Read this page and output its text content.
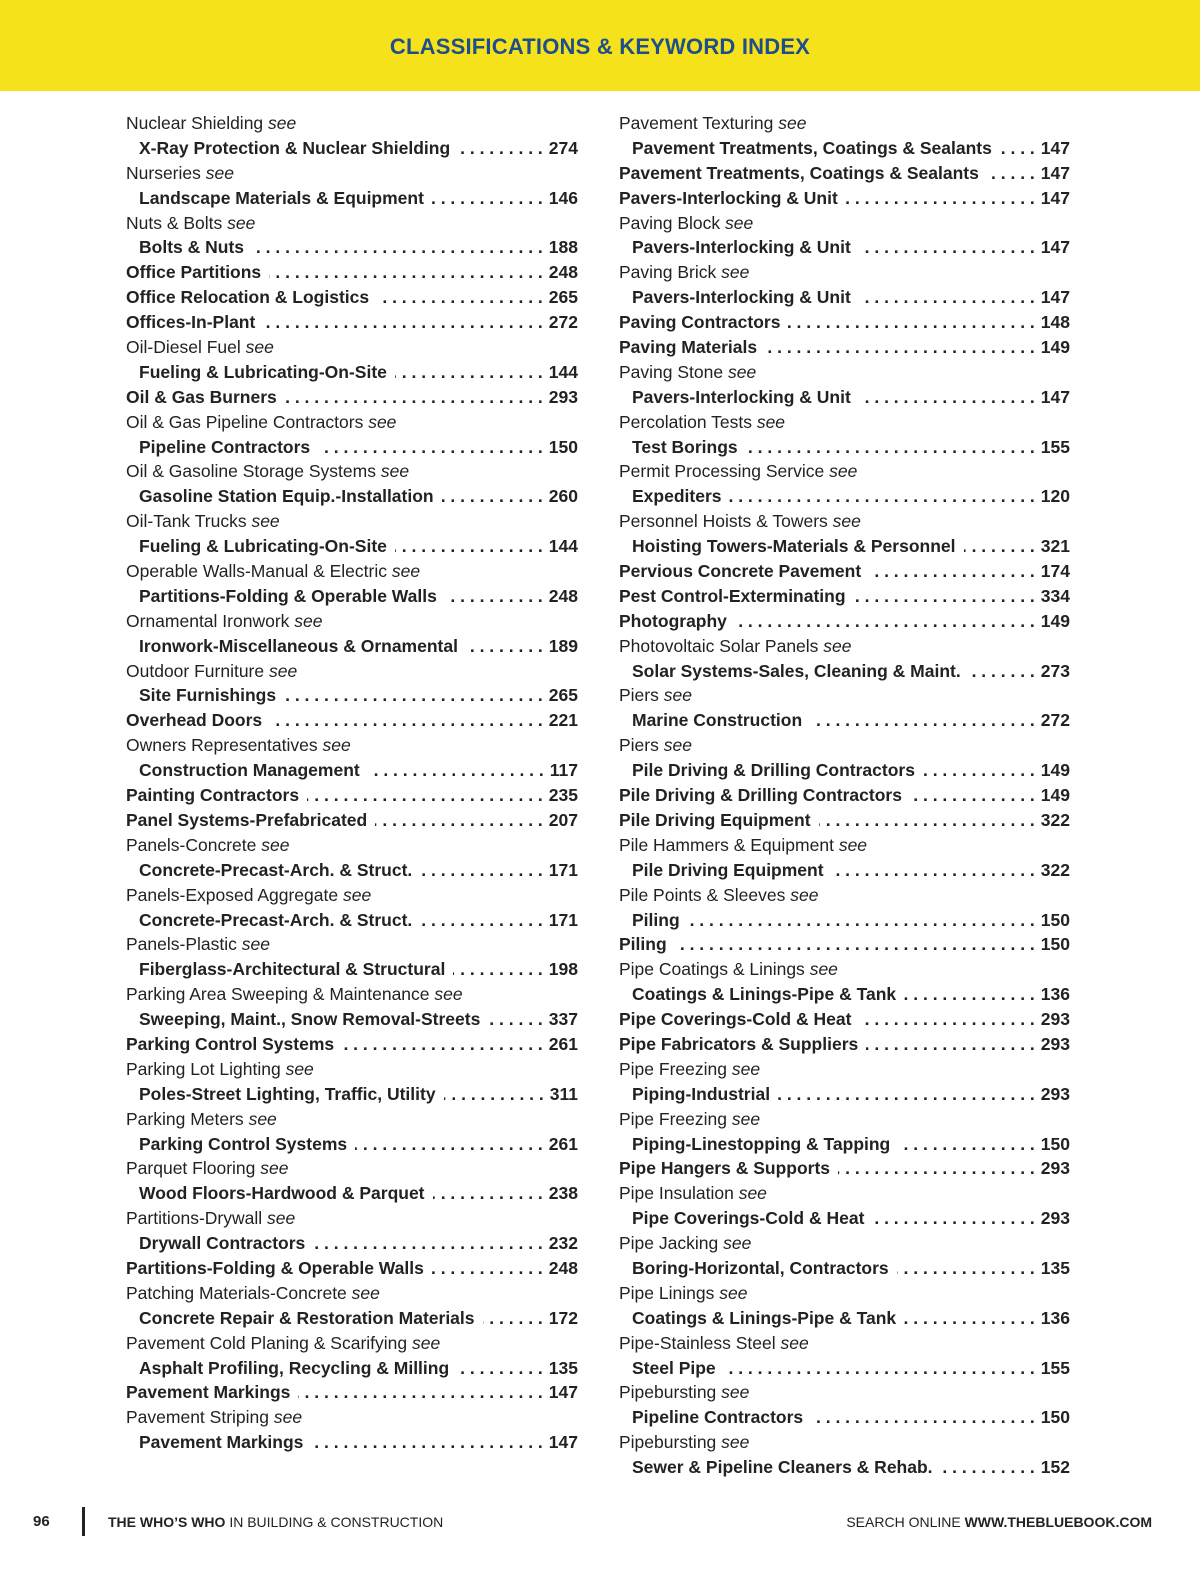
CLASSIFICATIONS & KEYWORD INDEX
Nuclear Shielding see
X-Ray Protection & Nuclear Shielding . . .	274
Nurseries see
Landscape Materials & Equipment . . .	146
Nuts & Bolts see
Bolts & Nuts . . .	188
Office Partitions . . .	248
Office Relocation & Logistics . . .	265
Offices-In-Plant . . .	272
Oil-Diesel Fuel see
Fueling & Lubricating-On-Site . . .	144
Oil & Gas Burners . . .	293
Oil & Gas Pipeline Contractors see
Pipeline Contractors . . .	150
Oil & Gasoline Storage Systems see
Gasoline Station Equip.-Installation . . .	260
Oil-Tank Trucks see
Fueling & Lubricating-On-Site . . .	144
Operable Walls-Manual & Electric see
Partitions-Folding & Operable Walls . . .	248
Ornamental Ironwork see
Ironwork-Miscellaneous & Ornamental . . .	189
Outdoor Furniture see
Site Furnishings . . .	265
Overhead Doors . . .	221
Owners Representatives see
Construction Management . . .	117
Painting Contractors . . .	235
Panel Systems-Prefabricated . . .	207
Panels-Concrete see
Concrete-Precast-Arch. & Struct. . . .	171
Panels-Exposed Aggregate see
Concrete-Precast-Arch. & Struct. . . .	171
Panels-Plastic see
Fiberglass-Architectural & Structural . . .	198
Parking Area Sweeping & Maintenance see
Sweeping, Maint., Snow Removal-Streets . . .	337
Parking Control Systems . . .	261
Parking Lot Lighting see
Poles-Street Lighting, Traffic, Utility . . .	311
Parking Meters see
Parking Control Systems . . .	261
Parquet Flooring see
Wood Floors-Hardwood & Parquet . . .	238
Partitions-Drywall see
Drywall Contractors . . .	232
Partitions-Folding & Operable Walls . . .	248
Patching Materials-Concrete see
Concrete Repair & Restoration Materials . . .	172
Pavement Cold Planing & Scarifying see
Asphalt Profiling, Recycling & Milling . . .	135
Pavement Markings . . .	147
Pavement Striping see
Pavement Markings . . .	147
Pavement Texturing see
Pavement Treatments, Coatings & Sealants . . .	147
Pavement Treatments, Coatings & Sealants . . .	147
Pavers-Interlocking & Unit . . .	147
Paving Block see
Pavers-Interlocking & Unit . . .	147
Paving Brick see
Pavers-Interlocking & Unit . . .	147
Paving Contractors . . .	148
Paving Materials . . .	149
Paving Stone see
Pavers-Interlocking & Unit . . .	147
Percolation Tests see
Test Borings . . .	155
Permit Processing Service see
Expediters . . .	120
Personnel Hoists & Towers see
Hoisting Towers-Materials & Personnel . . .	321
Pervious Concrete Pavement . . .	174
Pest Control-Exterminating . . .	334
Photography . . .	149
Photovoltaic Solar Panels see
Solar Systems-Sales, Cleaning & Maint. . . .	273
Piers see
Marine Construction . . .	272
Piers see
Pile Driving & Drilling Contractors . . .	149
Pile Driving & Drilling Contractors . . .	149
Pile Driving Equipment . . .	322
Pile Hammers & Equipment see
Pile Driving Equipment . . .	322
Pile Points & Sleeves see
Piling . . .	150
Piling . . .	150
Pipe Coatings & Linings see
Coatings & Linings-Pipe & Tank . . .	136
Pipe Coverings-Cold & Heat . . .	293
Pipe Fabricators & Suppliers . . .	293
Pipe Freezing see
Piping-Industrial . . .	293
Pipe Freezing see
Piping-Linestopping & Tapping . . .	150
Pipe Hangers & Supports . . .	293
Pipe Insulation see
Pipe Coverings-Cold & Heat . . .	293
Pipe Jacking see
Boring-Horizontal, Contractors . . .	135
Pipe Linings see
Coatings & Linings-Pipe & Tank . . .	136
Pipe-Stainless Steel see
Steel Pipe . . .	155
Pipebursting see
Pipeline Contractors . . .	150
Pipebursting see
Sewer & Pipeline Cleaners & Rehab. . . .	152
96	THE WHO’S WHO IN BUILDING & CONSTRUCTION	SEARCH ONLINE WWW.THEBLUEBOOK.COM
